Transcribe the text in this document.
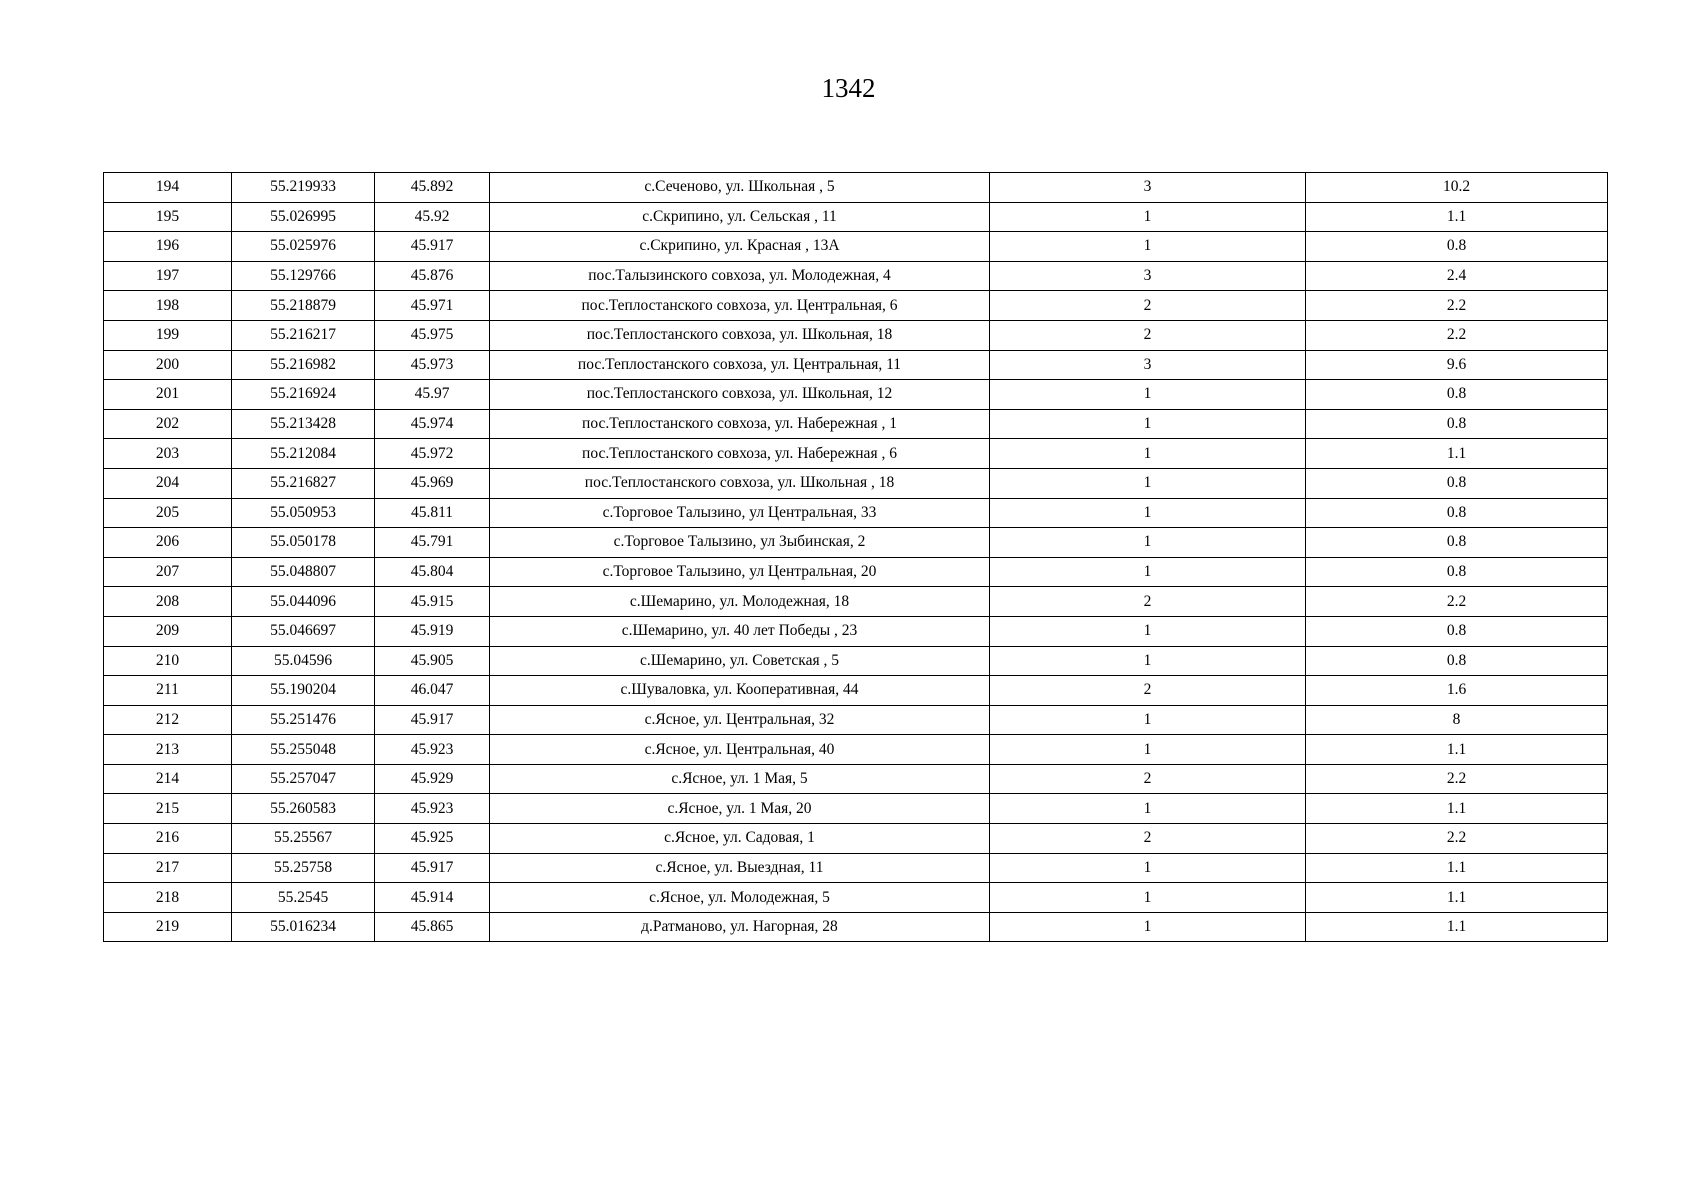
1342
194	55.219933	45.892	с.Сеченово, ул. Школьная , 5	3	10.2
195	55.026995	45.92	с.Скрипино, ул. Сельская , 11	1	1.1
196	55.025976	45.917	с.Скрипино, ул. Красная , 13А	1	0.8
197	55.129766	45.876	пос.Талызинского совхоза, ул. Молодежная, 4	3	2.4
198	55.218879	45.971	пос.Теплостанского совхоза, ул. Центральная, 6	2	2.2
199	55.216217	45.975	пос.Теплостанского совхоза, ул. Школьная, 18	2	2.2
200	55.216982	45.973	пос.Теплостанского совхоза, ул. Центральная, 11	3	9.6
201	55.216924	45.97	пос.Теплостанского совхоза, ул. Школьная, 12	1	0.8
202	55.213428	45.974	пос.Теплостанского совхоза, ул. Набережная , 1	1	0.8
203	55.212084	45.972	пос.Теплостанского совхоза, ул. Набережная , 6	1	1.1
204	55.216827	45.969	пос.Теплостанского совхоза, ул. Школьная , 18	1	0.8
205	55.050953	45.811	с.Торговое Талызино, ул Центральная, 33	1	0.8
206	55.050178	45.791	с.Торговое Талызино, ул Зыбинская, 2	1	0.8
207	55.048807	45.804	с.Торговое Талызино, ул Центральная, 20	1	0.8
208	55.044096	45.915	с.Шемарино, ул. Молодежная, 18	2	2.2
209	55.046697	45.919	с.Шемарино, ул. 40 лет Победы , 23	1	0.8
210	55.04596	45.905	с.Шемарино, ул. Советская , 5	1	0.8
211	55.190204	46.047	с.Шуваловка, ул. Кооперативная, 44	2	1.6
212	55.251476	45.917	с.Ясное, ул. Центральная, 32	1	8
213	55.255048	45.923	с.Ясное, ул. Центральная, 40	1	1.1
214	55.257047	45.929	с.Ясное, ул. 1 Мая, 5	2	2.2
215	55.260583	45.923	с.Ясное, ул. 1 Мая, 20	1	1.1
216	55.25567	45.925	с.Ясное, ул. Садовая, 1	2	2.2
217	55.25758	45.917	с.Ясное, ул. Выездная, 11	1	1.1
218	55.2545	45.914	с.Ясное, ул. Молодежная, 5	1	1.1
219	55.016234	45.865	д.Ратманово, ул. Нагорная, 28	1	1.1
